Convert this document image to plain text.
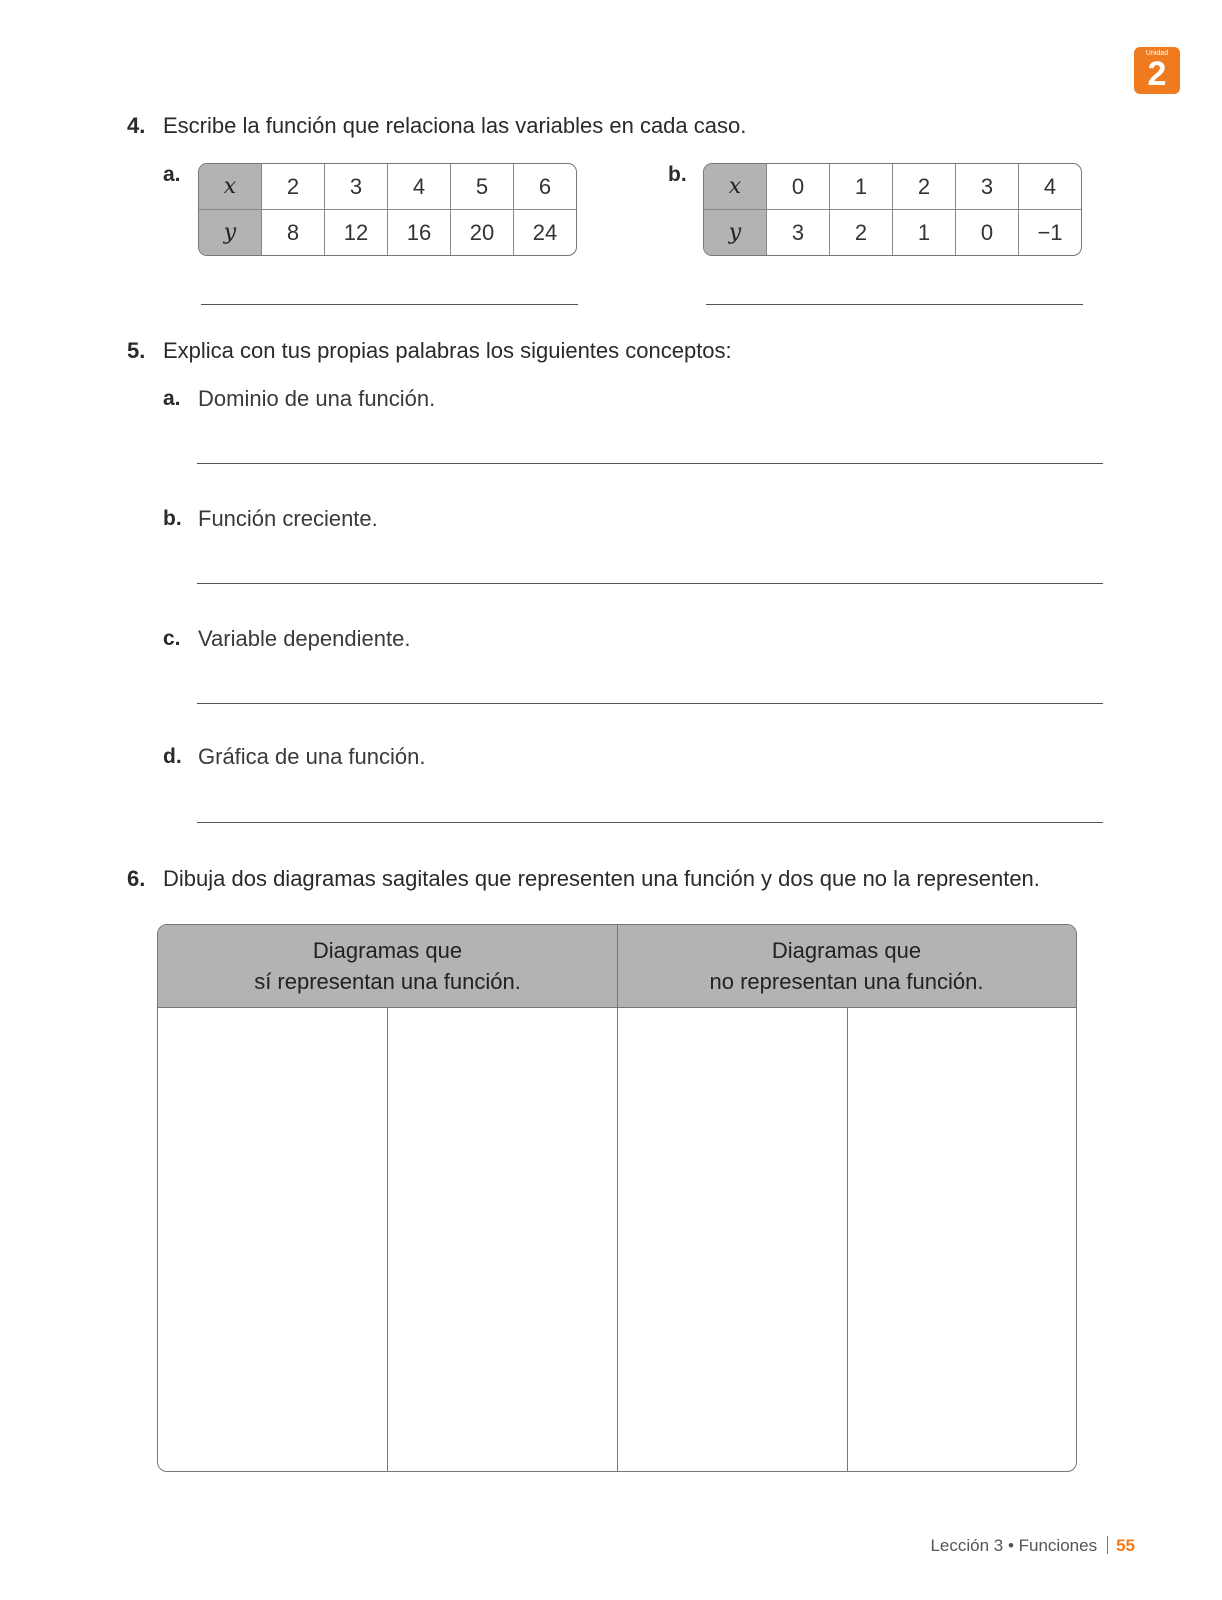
Unidad
2
4. Escribe la función que relaciona las variables en cada caso.
a. x	2	3	4	5	6
y	8	12	16	20	24
b. x	0	1	2	3	4
y	3	2	1	0	−1
5. Explica con tus propias palabras los siguientes conceptos:
a. Dominio de una función.
b. Función creciente.
c. Variable dependiente.
d. Gráfica de una función.
6. Dibuja dos diagramas sagitales que representen una función y dos que no la representen.
Diagramas que
sí representan una función.
Diagramas que
no representan una función.
Lección 3 • Funciones 55
